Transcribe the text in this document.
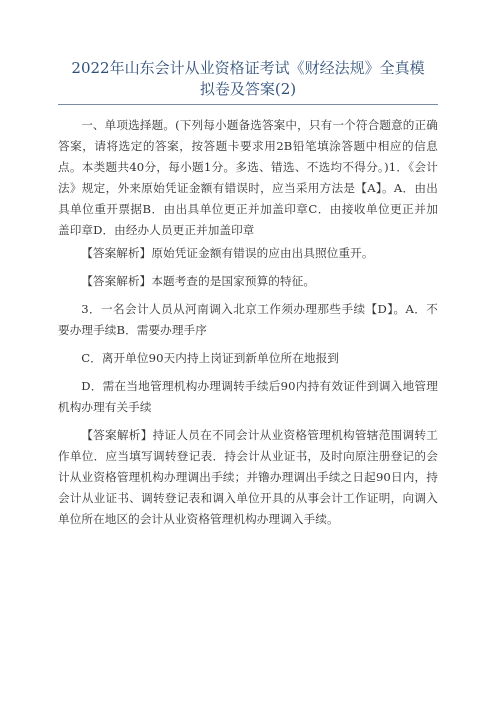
2022年山东会计从业资格证考试《财经法规》全真模拟卷及答案(2)

一、单项选择题。(下列每小题备选答案中，只有一个符合题意的正确答案，请将选定的答案，按答题卡要求用2B铅笔填涂答题中相应的信息点。本类题共40分，每小题1分。多选、错选、不选均不得分。)1．《会计法》规定，外来原始凭证金额有错误时，应当采用方法是【A】。A．由出具单位重开票据B．由出具单位更正并加盖印章C．由接收单位更正并加盖印章D．由经办人员更正并加盖印章

【答案解析】原始凭证金额有错误的应由出具照位重开。

【答案解析】本题考查的是国家预算的特征。

3．一名会计人员从河南调入北京工作须办理那些手续【D】。A．不要办理手续B．需要办理手序

C．离开单位90天内持上岗证到新单位所在地报到

D．需在当地管理机构办理调转手续后90内持有效证件到调入地管理机构办理有关手续

【答案解析】持证人员在不同会计从业资格管理机构管辖范围调转工作单位．应当填写调转登记表．持会计从业证书，及时向原注册登记的会计从业资格管理机构办理调出手续；并镥办理调出手续之日起90日内，持会计从业证书、调转登记表和调入单位开具的从事会计工作证明，向调入单位所在地区的会计从业资格管理机构办理调入手续。
